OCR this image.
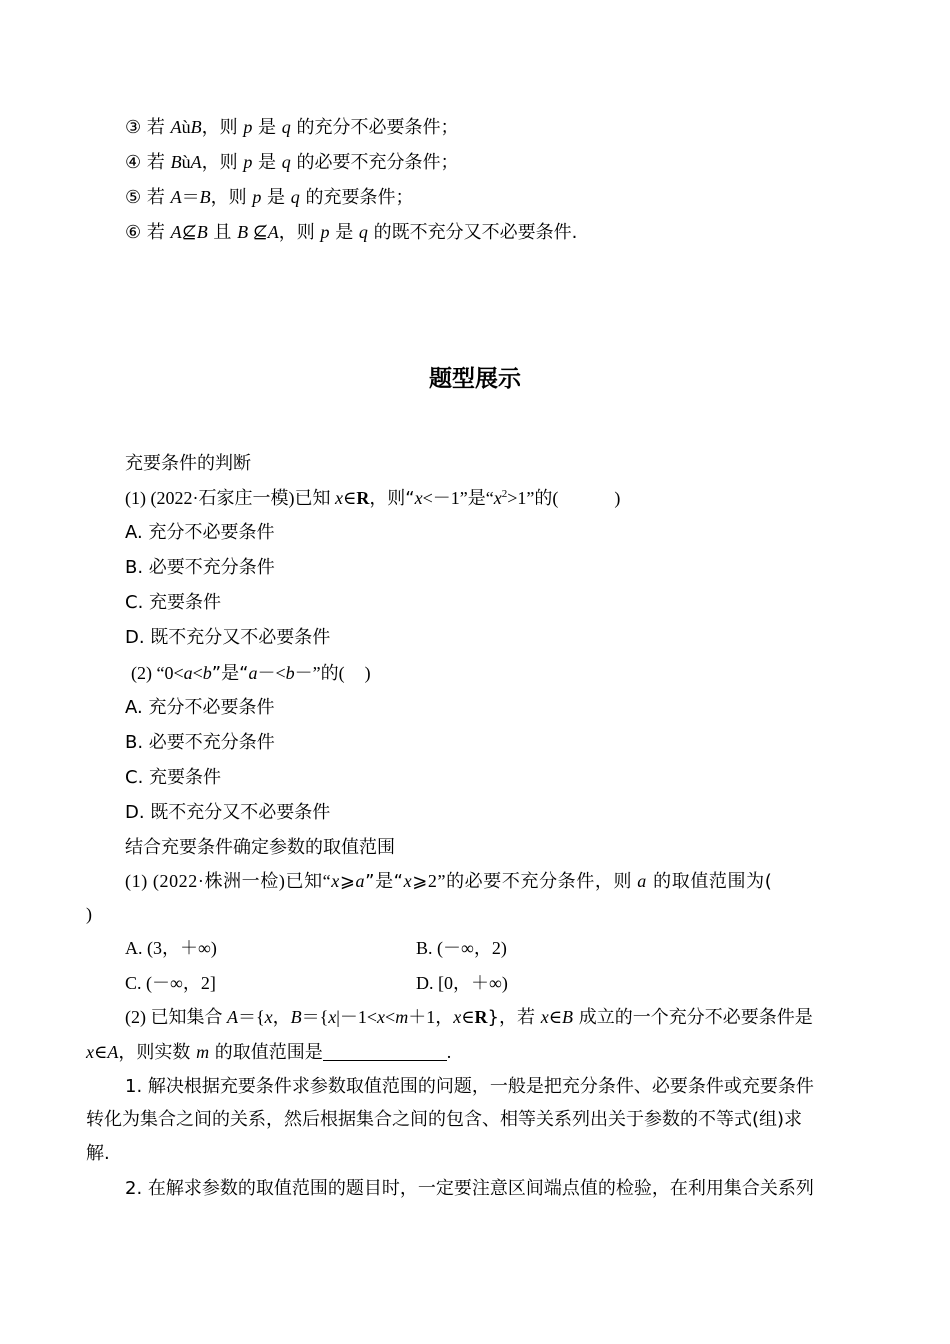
③ 若 AùB，则 p 是 q 的充分不必要条件；
④ 若 BùA，则 p 是 q 的必要不充分条件；
⑤ 若 A＝B，则 p 是 q 的充要条件；
⑥ 若 A⊈B 且 B ⊈A，则 p 是 q 的既不充分又不必要条件.
题型展示
充要条件的判断
(1) (2022·石家庄一模)已知 x∈R，则“x<－1”是“$x^2>1$”的(	)
A. 充分不必要条件
B. 必要不充分条件
C. 充要条件
D. 既不充分又不必要条件
(2) “0<a<b”是“a－<b－”的( )
A. 充分不必要条件
B. 必要不充分条件
C. 充要条件
D. 既不充分又不必要条件
结合充要条件确定参数的取值范围
(1) (2022·株洲一检)已知“x⩾a”是“x⩾2”的必要不充分条件，则 a 的取值范围为(
)
A. (3，＋∞)	B. (－∞，2)
C. (－∞，2]	D. [0，＋∞)
(2) 已知集合 A＝{x，B＝{x|－1<x<m＋1，x∈R}，若 x∈B 成立的一个充分不必要条件是
x∈A，则实数 m 的取值范围是	.
1. 解决根据充要条件求参数取值范围的问题，一般是把充分条件、必要条件或充要条件
转化为集合之间的关系，然后根据集合之间的包含、相等关系列出关于参数的不等式(组)求
解.
2. 在解求参数的取值范围的题目时，一定要注意区间端点值的检验，在利用集合关系列
